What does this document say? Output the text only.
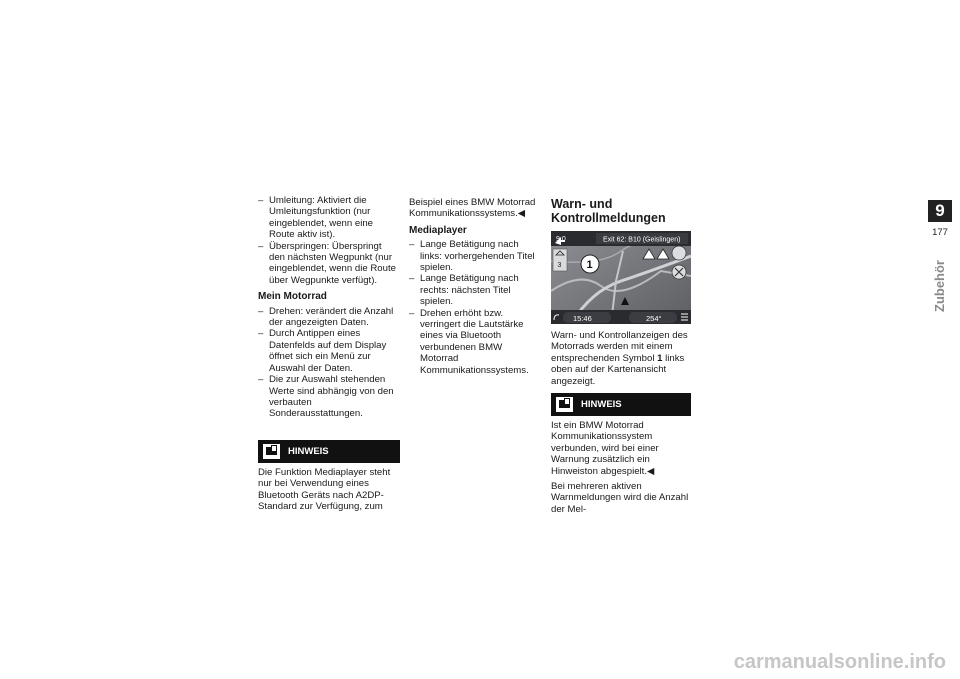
– Umleitung: Aktiviert die Umleitungsfunktion (nur eingeblendet, wenn eine Route aktiv ist).
– Überspringen: Überspringt den nächsten Wegpunkt (nur eingeblendet, wenn die Route über Wegpunkte verfügt).
Mein Motorrad
– Drehen: verändert die Anzahl der angezeigten Daten.
– Durch Antippen eines Datenfelds auf dem Display öffnet sich ein Menü zur Auswahl der Daten.
– Die zur Auswahl stehenden Werte sind abhängig von den verbauten Sonderausstattungen.
HINWEIS

Die Funktion Mediaplayer steht nur bei Verwendung eines Bluetooth Geräts nach A2DP-Standard zur Verfügung, zum

Beispiel eines BMW Motorrad Kommunikationssystems.◀

Mediaplayer
– Lange Betätigung nach links: vorhergehenden Titel spielen.
– Lange Betätigung nach rechts: nächsten Titel spielen.
– Drehen erhöht bzw. verringert die Lautstärke eines via Bluetooth verbundenen BMW Motorrad Kommunikationssystems.
Warn- und Kontrollmeldungen
9:0	Exit 62: B10 (Geislingen)
3 1
15:46	254°

Warn- und Kontrollanzeigen des Motorrads werden mit einem entsprechenden Symbol 1 links oben auf der Kartenansicht angezeigt.

HINWEIS

Ist ein BMW Motorrad Kommunikationssystem verbunden, wird bei einer Warnung zusätzlich ein Hinweiston abgespielt.◀

Bei mehreren aktiven Warnmeldungen wird die Anzahl der Mel-

9
177
Zubehör
carmanualsonline.info
